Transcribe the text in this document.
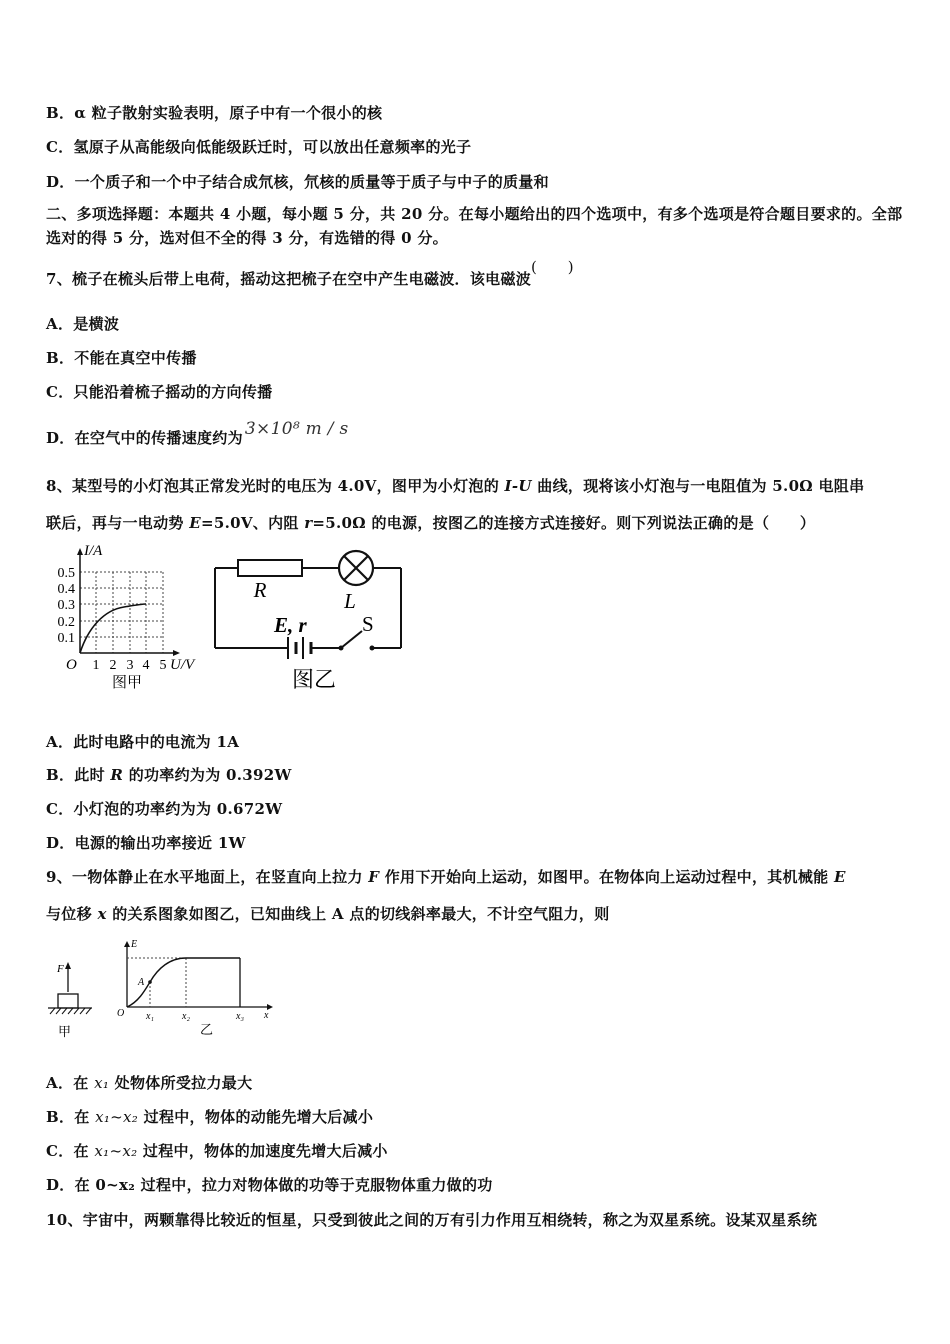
B．α 粒子散射实验表明，原子中有一个很小的核
C．氢原子从高能级向低能级跃迁时，可以放出任意频率的光子
D．一个质子和一个中子结合成氘核，氘核的质量等于质子与中子的质量和
二、多项选择题：本题共 4 小题，每小题 5 分，共 20 分。在每小题给出的四个选项中，有多个选项是符合题目要求的。全部选对的得 5 分，选对但不全的得 3 分，有选错的得 0 分。
7、梳子在梳头后带上电荷，摇动这把梳子在空中产生电磁波．该电磁波(　　)
A．是横波
B．不能在真空中传播
C．只能沿着梳子摇动的方向传播
D．在空气中的传播速度约为 3×10⁸ m / s
8、某型号的小灯泡其正常发光时的电压为 4.0V，图甲为小灯泡的 I-U 曲线，现将该小灯泡与一电阻值为 5.0Ω 电阻串
联后，再与一电动势 E=5.0V、内阻 r=5.0Ω 的电源，按图乙的连接方式连接好。则下列说法正确的是（　　）
I/A
0.5
0.4
0.3
0.2
0.1
O 1 2 3 4 5 U/V
图甲
R	L
E, r	S
图乙
A．此时电路中的电流为 1A
B．此时 R 的功率约为为 0.392W
C．小灯泡的功率约为为 0.672W
D．电源的输出功率接近 1W
9、一物体静止在水平地面上，在竖直向上拉力 F 作用下开始向上运动，如图甲。在物体向上运动过程中，其机械能 E
与位移 x 的关系图象如图乙，已知曲线上 A 点的切线斜率最大，不计空气阻力，则
F
甲
E
A
O x₁	x₂	x₃ x
乙
A．在 x₁ 处物体所受拉力最大
B．在 x₁~x₂ 过程中，物体的动能先增大后减小
C．在 x₁~x₂ 过程中，物体的加速度先增大后减小
D．在 0~x₂ 过程中，拉力对物体做的功等于克服物体重力做的功
10、宇宙中，两颗靠得比较近的恒星，只受到彼此之间的万有引力作用互相绕转，称之为双星系统。设某双星系统
